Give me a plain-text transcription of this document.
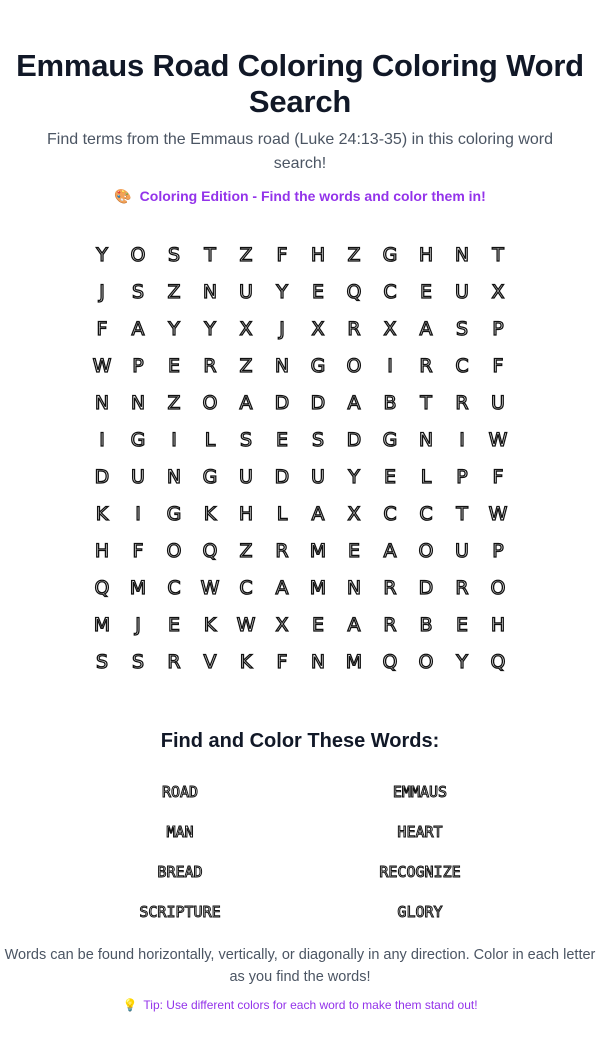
Emmaus Road Coloring Coloring Word Search

Find terms from the Emmaus road (Luke 24:13-35) in this coloring word search!

🎨 Coloring Edition - Find the words and color them in!
Y	O	S	T	Z	F	H	Z	G	H	N	T
J	S	Z	N	U	Y	E	Q	C	E	U	X
F	A	Y	Y	X	J	X	R	X	A	S	P
W	P	E	R	Z	N	G	O	I	R	C	F
N	N	Z	O	A	D	D	A	B	T	R	U
I	G	I	L	S	E	S	D	G	N	I	W
D	U	N	G	U	D	U	Y	E	L	P	F
K	I	G	K	H	L	A	X	C	C	T	W
H	F	O	Q	Z	R	M	E	A	O	U	P
Q	M	C	W	C	A	M	N	R	D	R	O
M	J	E	K	W	X	E	A	R	B	E	H
S	S	R	V	K	F	N	M	Q	O	Y	Q
Find and Color These Words:
ROAD	EMMAUS
MAN	HEART
BREAD	RECOGNIZE
SCRIPTURE	GLORY

Words can be found horizontally, vertically, or diagonally in any direction. Color in each letter as you find the words!

💡 Tip: Use different colors for each word to make them stand out!
